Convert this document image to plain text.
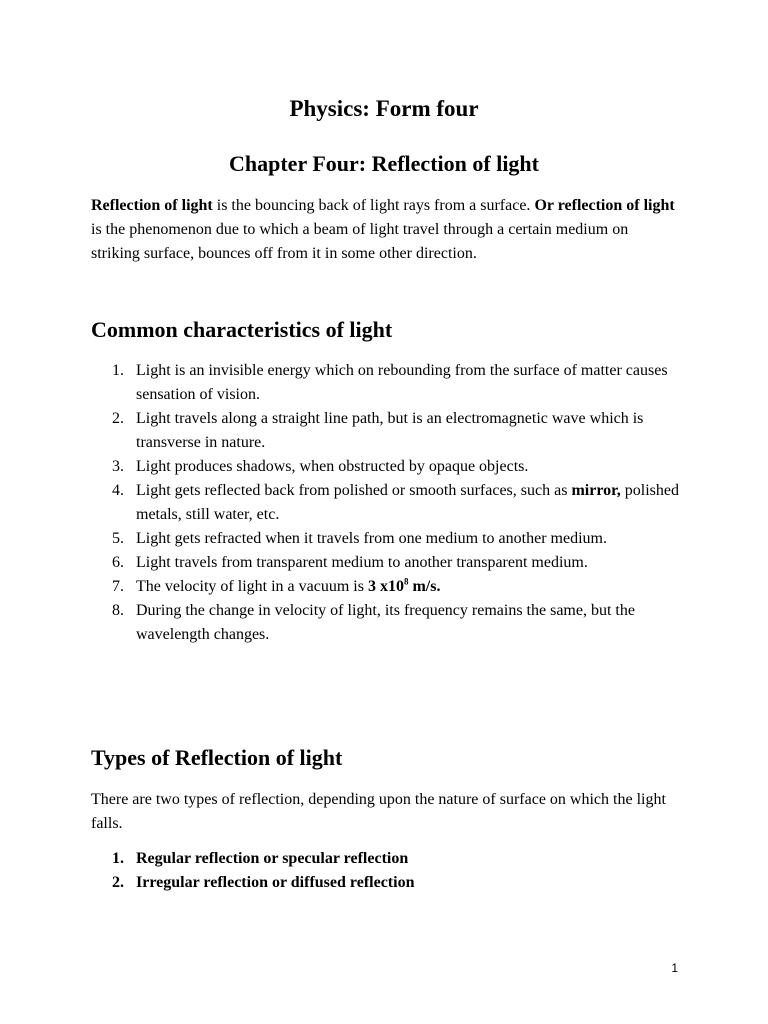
Physics: Form four
Chapter Four: Reflection of light

Reflection of light is the bouncing back of light rays from a surface. Or reflection of light is the phenomenon due to which a beam of light travel through a certain medium on striking surface, bounces off from it in some other direction.

Common characteristics of light
1. Light is an invisible energy which on rebounding from the surface of matter causes sensation of vision.
2. Light travels along a straight line path, but is an electromagnetic wave which is transverse in nature.
3. Light produces shadows, when obstructed by opaque objects.
4. Light gets reflected back from polished or smooth surfaces, such as mirror, polished metals, still water, etc.
5. Light gets refracted when it travels from one medium to another medium.
6. Light travels from transparent medium to another transparent medium.
7. The velocity of light in a vacuum is 3 $x10^8$ m/s.
8. During the change in velocity of light, its frequency remains the same, but the wavelength changes.
Types of Reflection of light

There are two types of reflection, depending upon the nature of surface on which the light falls.

1. Regular reflection or specular reflection
2. Irregular reflection or diffused reflection
1
